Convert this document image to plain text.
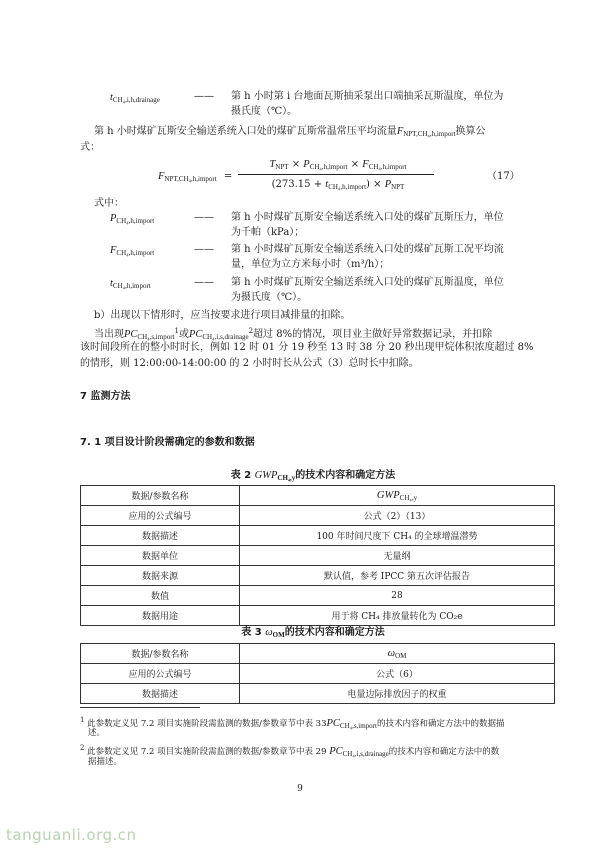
$t_{CH_4,i,h,drainage}$	—— 第 h 小时第 i 台地面瓦斯抽采泵出口端抽采瓦斯温度，单位为
摄氏度（℃）。
第 h 小时煤矿瓦斯安全输送系统入口处的煤矿瓦斯常温常压平均流量$F_{NPT,CH_4,h,import}$换算公
式：
$F_{NPT,CH_4,h,import}$ =
$T_{NPT} \times P_{CH_4,h,import} \times F_{CH_4,h,import}$
$(273.15 + t_{CH_4,h,import}) \times P_{NPT}$
（17）
式中：
$P_{CH_4,h,import}$	—— 第 h 小时煤矿瓦斯安全输送系统入口处的煤矿瓦斯压力，单位
为千帕（kPa）；
$F_{CH_4,h,import}$	—— 第 h 小时煤矿瓦斯安全输送系统入口处的煤矿瓦斯工况平均流
量，单位为立方米每小时（m³/h）；
$t_{CH_4,h,import}$	—— 第 h 小时煤矿瓦斯安全输送系统入口处的煤矿瓦斯温度，单位
为摄氏度（℃）。
b）出现以下情形时，应当按要求进行项目减排量的扣除。
当出现$PC_{CH_4,s,import}^1$或$PC_{CH_4,i,s,drainage}^2$超过 8%的情况，项目业主做好异常数据记录，并扣除
该时间段所在的整小时时长，例如 12 时 01 分 19 秒至 13 时 38 分 20 秒出现甲烷体积浓度超过 8%
的情形，则 12:00:00-14:00:00 的 2 小时时长从公式（3）总时长中扣除。
7 监测方法
7. 1 项目设计阶段需确定的参数和数据
表 2 $GWP_{CH_4,y}$的技术内容和确定方法
数据/参数名称	$GWP_{CH_4,y}$
应用的公式编号	公式（2）（13）
数据描述	100 年时间尺度下 CH₄ 的全球增温潜势
数据单位	无量纲
数据来源	默认值，参考 IPCC 第五次评估报告
数值	28
数据用途	用于将 CH₄ 排放量转化为 CO₂e
表 3 $\omega_{OM}$的技术内容和确定方法
数据/参数名称	$\omega_{OM}$
应用的公式编号	公式（6）
数据描述	电量边际排放因子的权重
$^1$ 此参数定义见 7.2 项目实施阶段需监测的数据/参数章节中表 $33PC_{CH_4,s,import}$的技术内容和确定方法中的数据描
述。
$^2$ 此参数定义见 7.2 项目实施阶段需监测的数据/参数章节中表 29 $PC_{CH_4,i,s,drainage}$的技术内容和确定方法中的数
据描述。
9
tanguanli.org.cn
